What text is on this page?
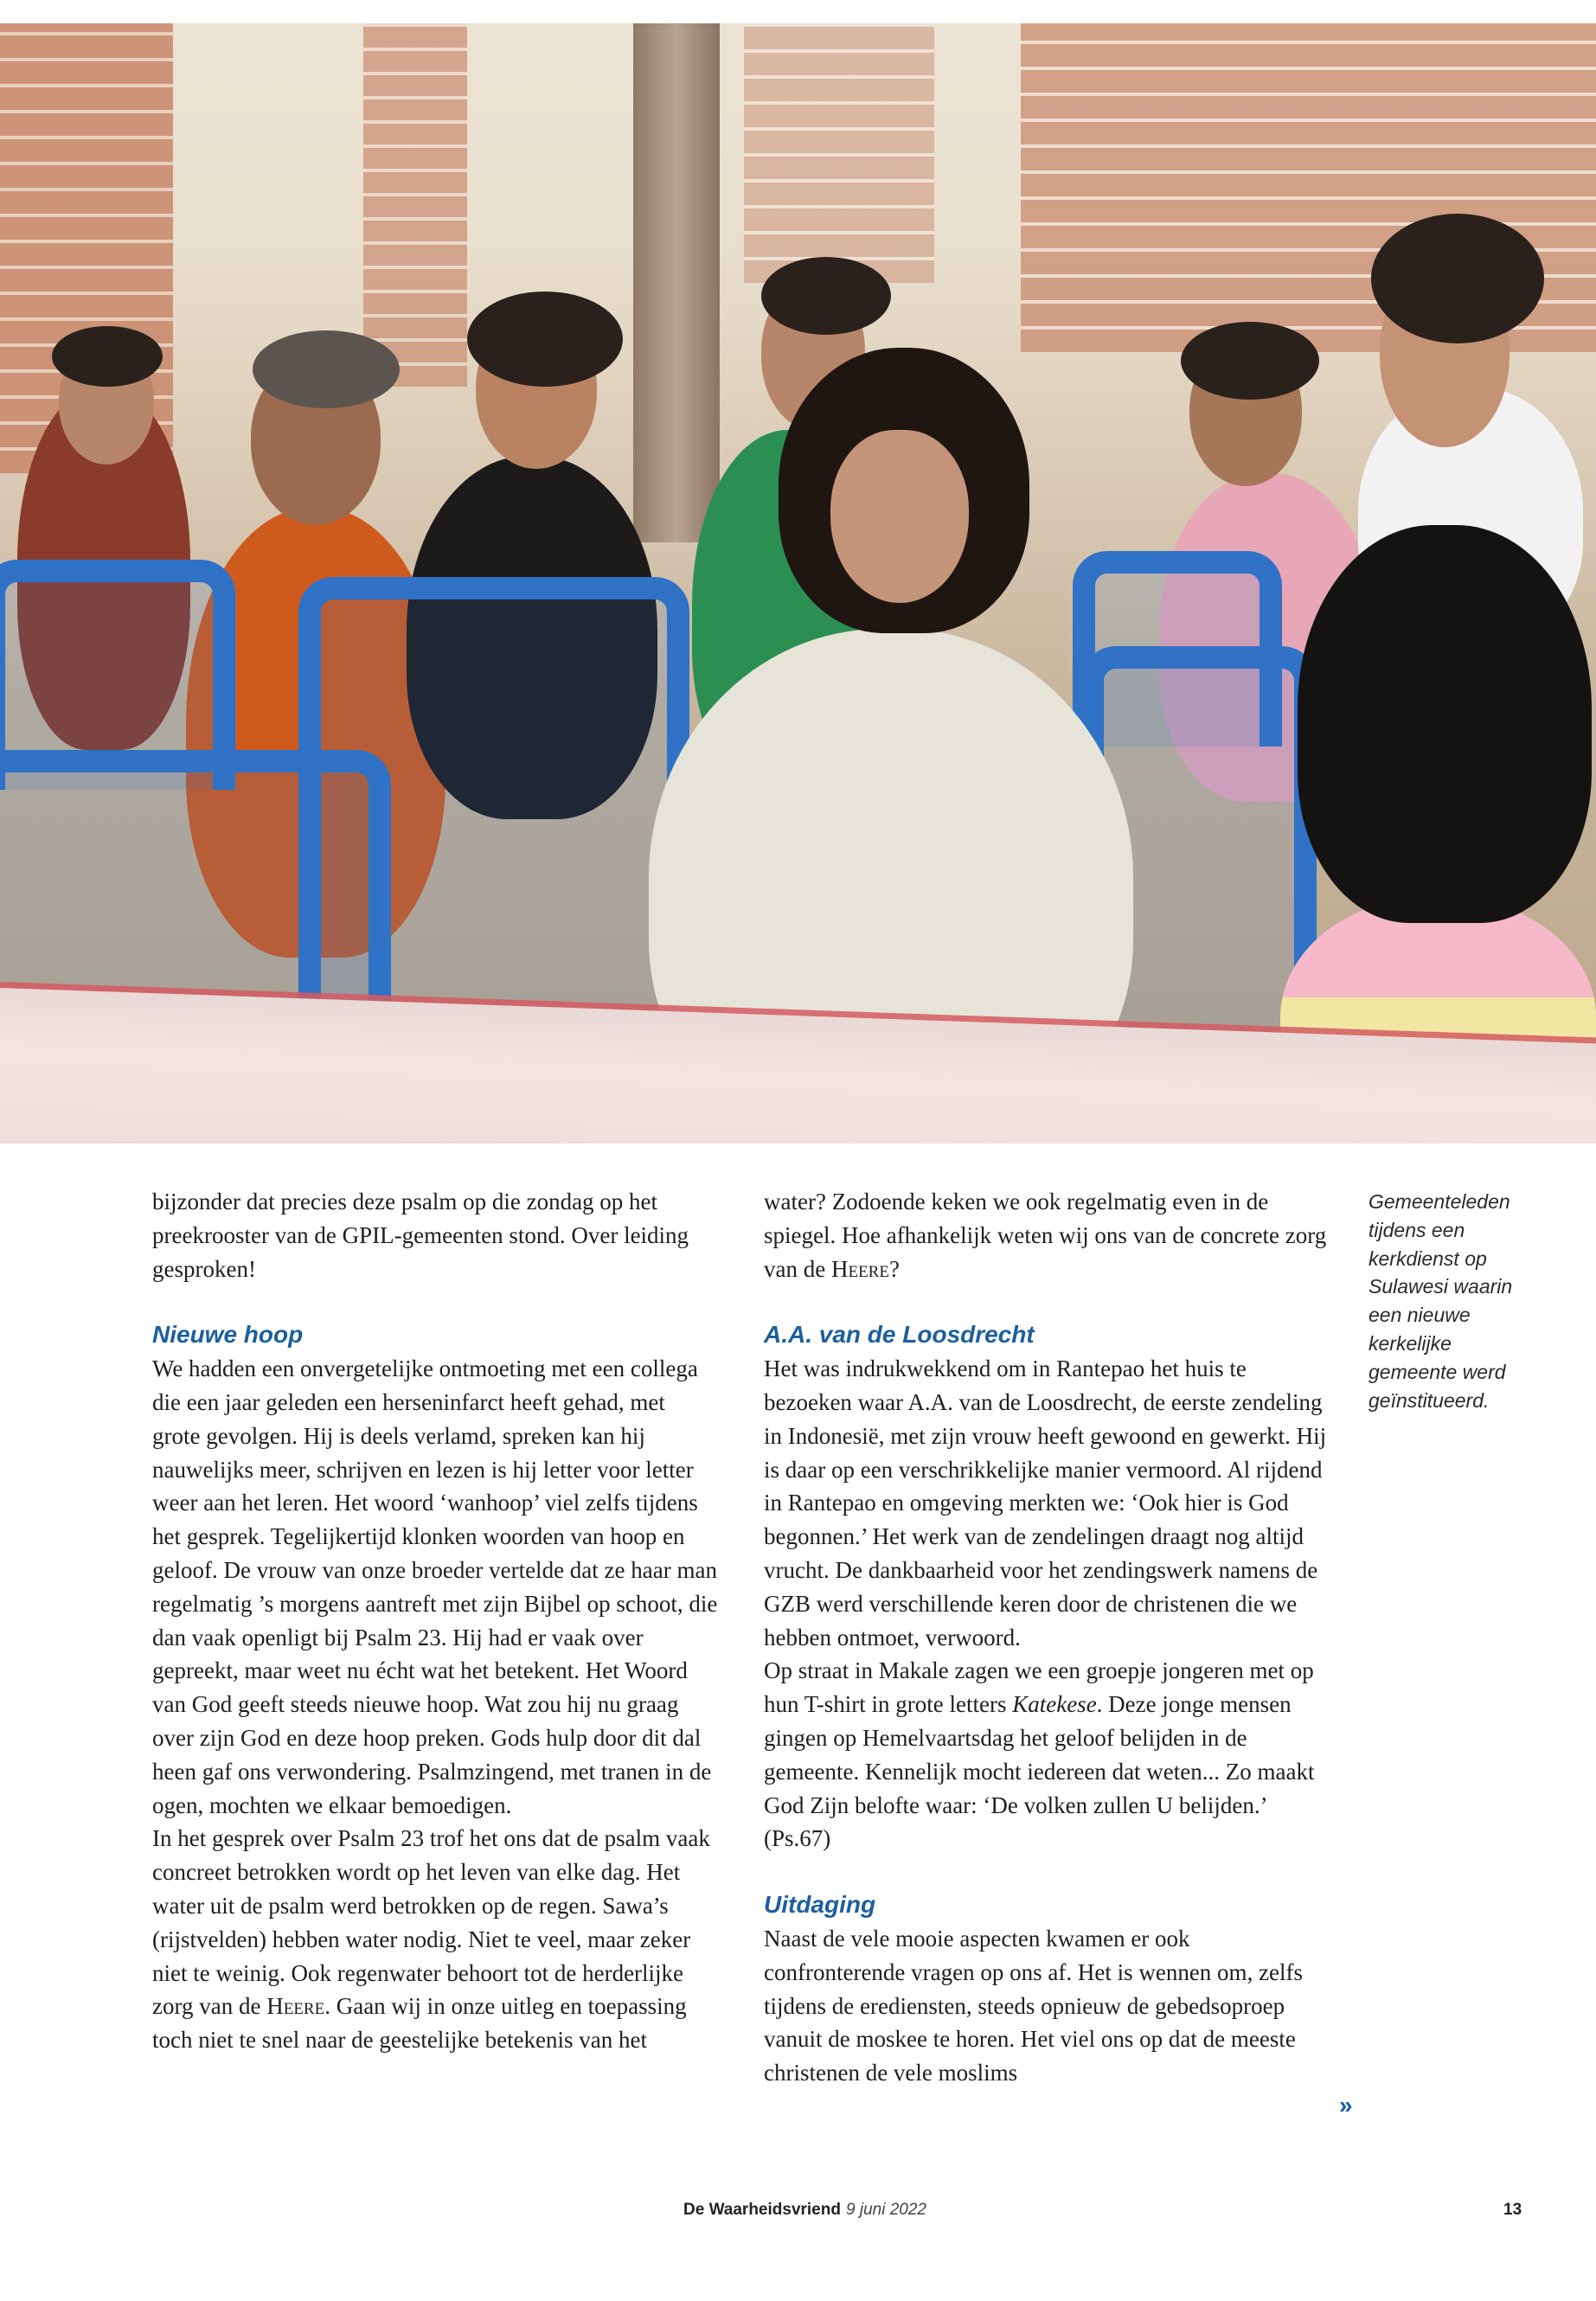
bijzonder dat precies deze psalm op die zondag op het preekrooster van de GPIL-gemeenten stond. Over leiding gesproken!

Nieuwe hoop

We hadden een onvergetelijke ontmoeting met een collega die een jaar geleden een herseninfarct heeft gehad, met grote gevolgen. Hij is deels verlamd, spreken kan hij nauwelijks meer, schrijven en lezen is hij letter voor letter weer aan het leren. Het woord ‘wanhoop’ viel zelfs tijdens het gesprek. Tegelijkertijd klonken woorden van hoop en geloof. De vrouw van onze broeder vertelde dat ze haar man regelmatig ’s morgens aantreft met zijn Bijbel op schoot, die dan vaak openligt bij Psalm 23. Hij had er vaak over gepreekt, maar weet nu écht wat het betekent. Het Woord van God geeft steeds nieuwe hoop. Wat zou hij nu graag over zijn God en deze hoop preken. Gods hulp door dit dal heen gaf ons verwondering. Psalmzingend, met tranen in de ogen, mochten we elkaar bemoedigen.

In het gesprek over Psalm 23 trof het ons dat de psalm vaak concreet betrokken wordt op het leven van elke dag. Het water uit de psalm werd betrokken op de regen. Sawa’s (rijstvelden) hebben water nodig. Niet te veel, maar zeker niet te weinig. Ook regenwater behoort tot de herderlijke zorg van de Heere. Gaan wij in onze uitleg en toepassing toch niet te snel naar de geestelijke betekenis van het

water? Zodoende keken we ook regelmatig even in de spiegel. Hoe afhankelijk weten wij ons van de concrete zorg van de Heere?

A.A. van de Loosdrecht

Het was indrukwekkend om in Rantepao het huis te bezoeken waar A.A. van de Loosdrecht, de eerste zendeling in Indonesië, met zijn vrouw heeft gewoond en gewerkt. Hij is daar op een verschrikkelijke manier vermoord. Al rijdend in Rantepao en omgeving merkten we: ‘Ook hier is God begonnen.’ Het werk van de zendelingen draagt nog altijd vrucht. De dankbaarheid voor het zendingswerk namens de GZB werd verschillende keren door de christenen die we hebben ontmoet, verwoord.

Op straat in Makale zagen we een groepje jongeren met op hun T-shirt in grote letters Katekese. Deze jonge mensen gingen op Hemelvaartsdag het geloof belijden in de gemeente. Kennelijk mocht iedereen dat weten... Zo maakt God Zijn belofte waar: ‘De volken zullen U belijden.’ (Ps.67)

Uitdaging

Naast de vele mooie aspecten kwamen er ook confronterende vragen op ons af. Het is wennen om, zelfs tijdens de erediensten, steeds opnieuw de gebedsoproep vanuit de moskee te horen. Het viel ons op dat de meeste christenen de vele moslims

Gemeenteleden tijdens een kerkdienst op Sulawesi waarin een nieuwe kerkelijke gemeente werd geïnstitueerd.
»
De Waarheidsvriend 9 juni 2022	13
